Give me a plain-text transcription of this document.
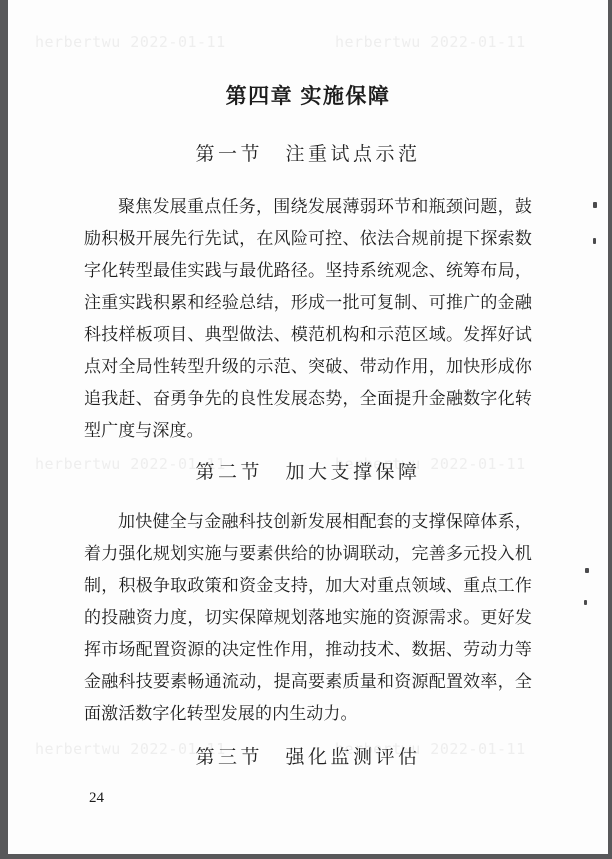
herbertwu 2022-01-11	herbertwu 2022-01-11
herbertwu 2022-01-11	herbertwu 2022-01-11
herbertwu 2022-01-11	herbertwu 2022-01-11
第四章 实施保障
第一节　注重试点示范
聚焦发展重点任务，围绕发展薄弱环节和瓶颈问题，鼓励积极开展先行先试，在风险可控、依法合规前提下探索数字化转型最佳实践与最优路径。坚持系统观念、统筹布局，注重实践积累和经验总结，形成一批可复制、可推广的金融科技样板项目、典型做法、模范机构和示范区域。发挥好试点对全局性转型升级的示范、突破、带动作用，加快形成你追我赶、奋勇争先的良性发展态势，全面提升金融数字化转型广度与深度。
第二节　加大支撑保障
加快健全与金融科技创新发展相配套的支撑保障体系，着力强化规划实施与要素供给的协调联动，完善多元投入机制，积极争取政策和资金支持，加大对重点领域、重点工作的投融资力度，切实保障规划落地实施的资源需求。更好发挥市场配置资源的决定性作用，推动技术、数据、劳动力等金融科技要素畅通流动，提高要素质量和资源配置效率，全面激活数字化转型发展的内生动力。
第三节　强化监测评估
24
